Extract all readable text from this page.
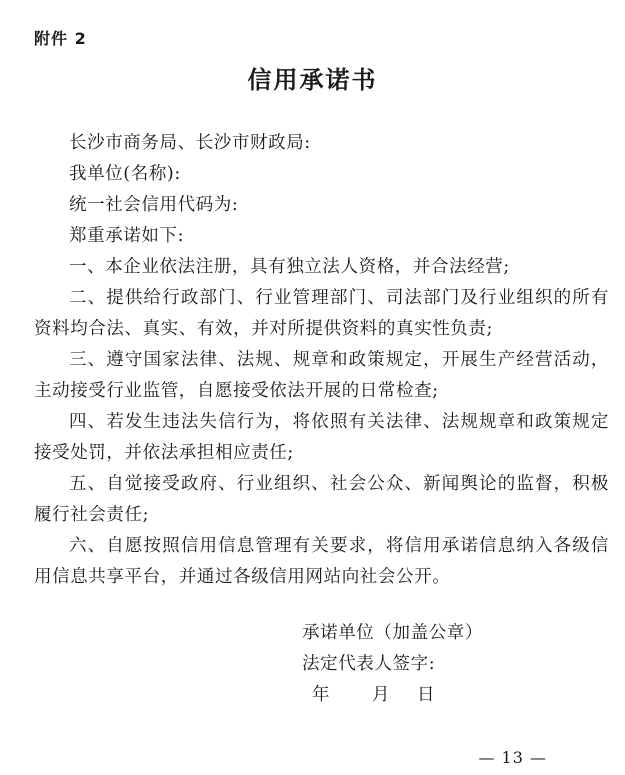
附件 2
信用承诺书

长沙市商务局、长沙市财政局:

我单位(名称):

统一社会信用代码为:

郑重承诺如下:

一、本企业依法注册，具有独立法人资格，并合法经营;

二、提供给行政部门、行业管理部门、司法部门及行业组织的所有资料均合法、真实、有效，并对所提供资料的真实性负责;

三、遵守国家法律、法规、规章和政策规定，开展生产经营活动，主动接受行业监管，自愿接受依法开展的日常检查;

四、若发生违法失信行为，将依照有关法律、法规规章和政策规定接受处罚，并依法承担相应责任;

五、自觉接受政府、行业组织、社会公众、新闻舆论的监督，积极履行社会责任;

六、自愿按照信用信息管理有关要求，将信用承诺信息纳入各级信用信息共享平台，并通过各级信用网站向社会公开。

承诺单位（加盖公章）
法定代表人签字:
年 月 日
— 13 —
